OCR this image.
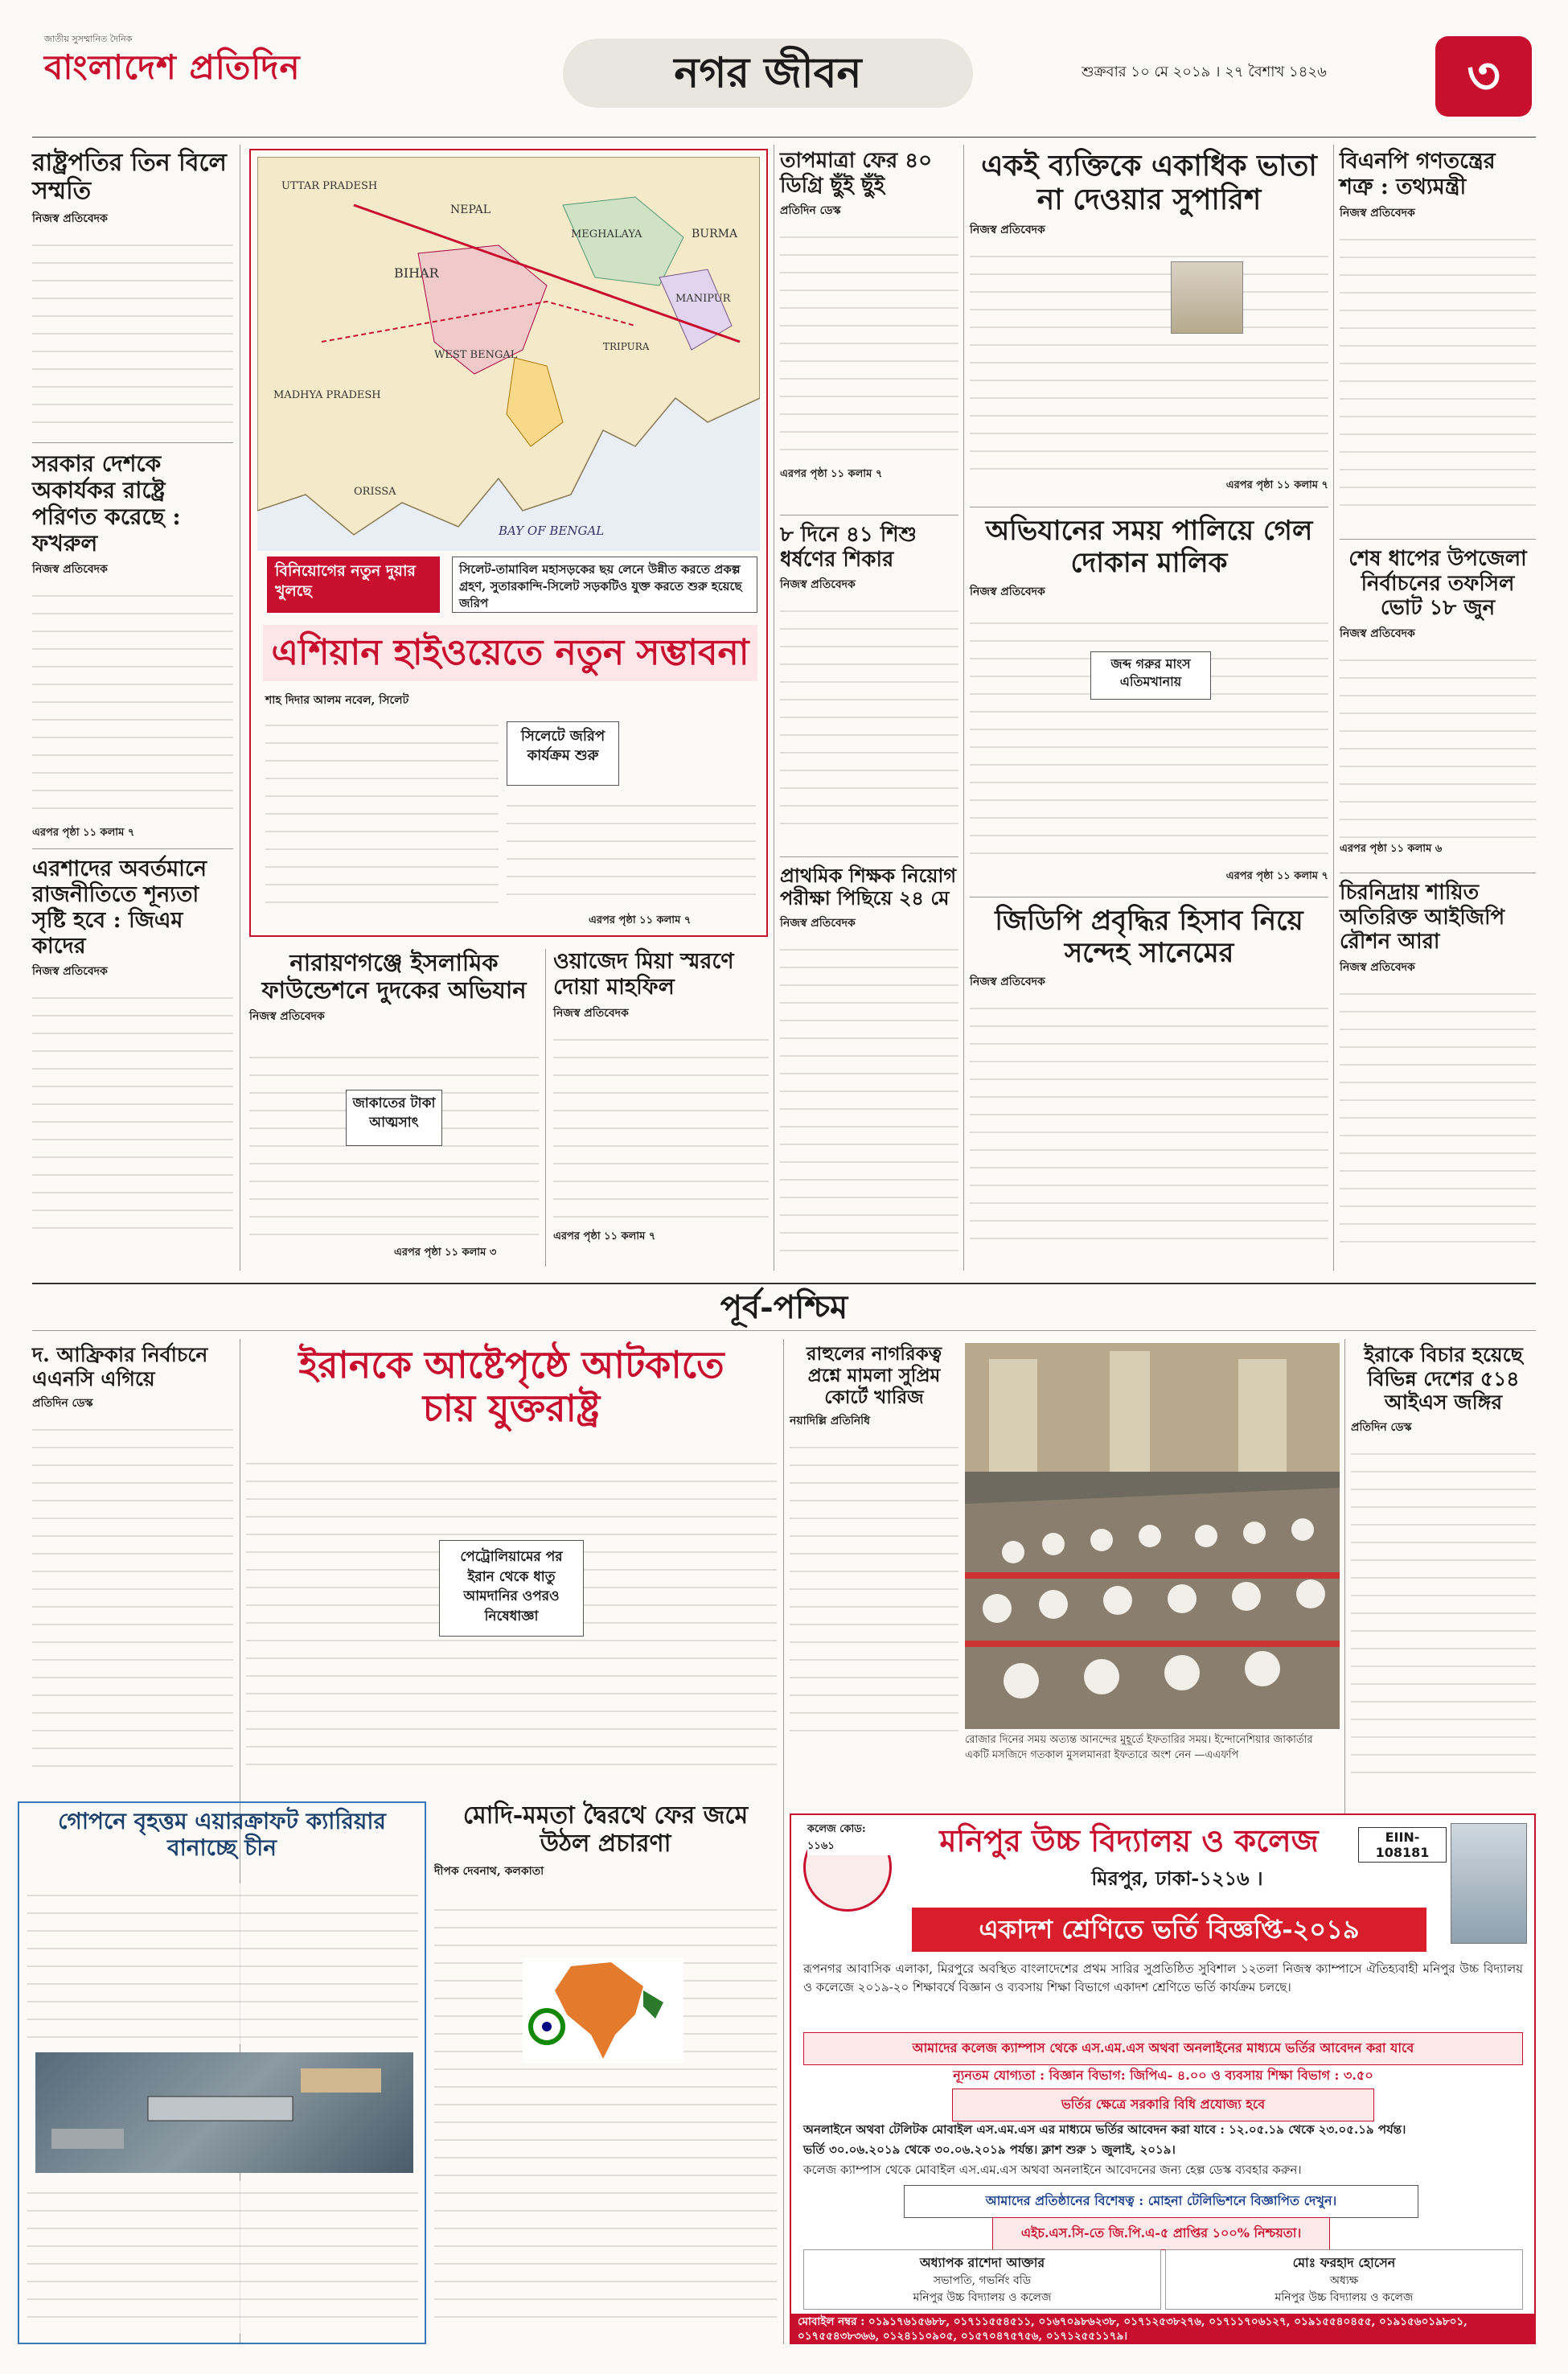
জাতীয় সুসম্মানিত দৈনিক
বাংলাদেশ প্রতিদিন	নগর জীবন	শুক্রবার ১০ মে ২০১৯ । ২৭ বৈশাখ ১৪২৬	৩
রাষ্ট্রপতির তিন বিলে সম্মতি
নিজস্ব প্রতিবেদক
সরকার দেশকে অকার্যকর রাষ্ট্রে পরিণত করেছে : ফখরুল
নিজস্ব প্রতিবেদক
এরপর পৃষ্ঠা ১১ কলাম ৭
এরশাদের অবর্তমানে রাজনীতিতে শূন্যতা সৃষ্টি হবে : জিএম কাদের
নিজস্ব প্রতিবেদক
UTTAR PRADESH
BIHAR
NEPAL
MEGHALAYA
MANIPUR
TRIPURA
WEST BENGAL
MADHYA PRADESH
ORISSA
BAY OF BENGAL
BURMA
বিনিয়োগের নতুন দুয়ার খুলছে
সিলেট-তামাবিল মহাসড়কের ছয় লেনে উন্নীত করতে প্রকল্প গ্রহণ, সুতারকান্দি-সিলেট সড়কটিও যুক্ত করতে শুরু হয়েছে জরিপ
এশিয়ান হাইওয়েতে নতুন সম্ভাবনা
শাহ দিদার আলম নবেল, সিলেট
সিলেটে জরিপ কার্যক্রম শুরু
এরপর পৃষ্ঠা ১১ কলাম ৭
নারায়ণগঞ্জে ইসলামিক ফাউন্ডেশনে দুদকের অভিযান
নিজস্ব প্রতিবেদক
জাকাতের টাকা আত্মসাৎ
এরপর পৃষ্ঠা ১১ কলাম ৩
ওয়াজেদ মিয়া স্মরণে দোয়া মাহফিল
নিজস্ব প্রতিবেদক
এরপর পৃষ্ঠা ১১ কলাম ৭
তাপমাত্রা ফের ৪০ ডিগ্রি ছুঁই ছুঁই
প্রতিদিন ডেস্ক
এরপর পৃষ্ঠা ১১ কলাম ৭
৮ দিনে ৪১ শিশু ধর্ষণের শিকার
নিজস্ব প্রতিবেদক
প্রাথমিক শিক্ষক নিয়োগ পরীক্ষা পিছিয়ে ২৪ মে
নিজস্ব প্রতিবেদক
একই ব্যক্তিকে একাধিক ভাতা না দেওয়ার সুপারিশ
নিজস্ব প্রতিবেদক
এরপর পৃষ্ঠা ১১ কলাম ৭
অভিযানের সময় পালিয়ে গেল দোকান মালিক
নিজস্ব প্রতিবেদক
জব্দ গরুর মাংস এতিমখানায়
এরপর পৃষ্ঠা ১১ কলাম ৭
জিডিপি প্রবৃদ্ধির হিসাব নিয়ে সন্দেহ সানেমের
নিজস্ব প্রতিবেদক
বিএনপি গণতন্ত্রের শত্রু : তথ্যমন্ত্রী
নিজস্ব প্রতিবেদক
শেষ ধাপের উপজেলা নির্বাচনের তফসিল ভোট ১৮ জুন
নিজস্ব প্রতিবেদক
এরপর পৃষ্ঠা ১১ কলাম ৬
চিরনিদ্রায় শায়িত অতিরিক্ত আইজিপি রৌশন আরা
নিজস্ব প্রতিবেদক
পূর্ব-পশ্চিম
দ. আফ্রিকার নির্বাচনে এএনসি এগিয়ে
প্রতিদিন ডেস্ক
ইরানকে আষ্টেপৃষ্ঠে আটকাতে চায় যুক্তরাষ্ট্র
পেট্রোলিয়ামের পর ইরান থেকে ধাতু আমদানির ওপরও নিষেধাজ্ঞা
রাহুলের নাগরিকত্ব প্রশ্নে মামলা সুপ্রিম কোর্টে খারিজ
নয়াদিল্লি প্রতিনিধি
রোজার দিনের সময় অত্যন্ত আনন্দের মুহূর্তে ইফতারির সময়। ইন্দোনেশিয়ার জাকার্তার একটি মসজিদে গতকাল মুসলমানরা ইফতারে অংশ নেন —এএফপি
ইরাকে বিচার হয়েছে বিভিন্ন দেশের ৫১৪ আইএস জঙ্গির
প্রতিদিন ডেস্ক
গোপনে বৃহত্তম এয়ারক্রাফট ক্যারিয়ার বানাচ্ছে চীন
মোদি-মমতা দ্বৈরথে ফের জমে উঠল প্রচারণা
দীপক দেবনাথ, কলকাতা
কলেজ কোড: ১১৬১	মনিপুর উচ্চ বিদ্যালয় ও কলেজ	EIIN-108181
মিরপুর, ঢাকা-১২১৬ ।
একাদশ শ্রেণিতে ভর্তি বিজ্ঞপ্তি-২০১৯
রূপনগর আবাসিক এলাকা, মিরপুরে অবস্থিত বাংলাদেশের প্রথম সারির সুপ্রতিষ্ঠিত সুবিশাল ১২তলা নিজস্ব ক্যাম্পাসে ঐতিহ্যবাহী মনিপুর উচ্চ বিদ্যালয় ও কলেজে ২০১৯-২০ শিক্ষাবর্ষে বিজ্ঞান ও ব্যবসায় শিক্ষা বিভাগে একাদশ শ্রেণিতে ভর্তি কার্যক্রম চলছে।
আমাদের কলেজ ক্যাম্পাস থেকে এস.এম.এস অথবা অনলাইনের মাধ্যমে ভর্তির আবেদন করা যাবে
ন্যূনতম যোগ্যতা : বিজ্ঞান বিভাগ: জিপিএ- ৪.০০ ও ব্যবসায় শিক্ষা বিভাগ : ৩.৫০
ভর্তির ক্ষেত্রে সরকারি বিধি প্রযোজ্য হবে
অনলাইনে অথবা টেলিটক মোবাইল এস.এম.এস এর মাধ্যমে ভর্তির আবেদন করা যাবে : ১২.০৫.১৯ থেকে ২৩.০৫.১৯ পর্যন্ত।
ভর্তি ৩০.০৬.২০১৯ থেকে ৩০.০৬.২০১৯ পর্যন্ত। ক্লাশ শুরু ১ জুলাই, ২০১৯।
কলেজ ক্যাম্পাস থেকে মোবাইল এস.এম.এস অথবা অনলাইনে আবেদনের জন্য হেল্প ডেস্ক ব্যবহার করুন।
আমাদের প্রতিষ্ঠানের বিশেষত্ব : মোহনা টেলিভিশনে বিজ্ঞাপিত দেখুন।
এইচ.এস.সি-তে জি.পি.এ-৫ প্রাপ্তির ১০০% নিশ্চয়তা।
অধ্যাপক রাশেদা আক্তার
সভাপতি, গভর্নিং বডি
মনিপুর উচ্চ বিদ্যালয় ও কলেজ
মোঃ ফরহাদ হোসেন
অধ্যক্ষ
মনিপুর উচ্চ বিদ্যালয় ও কলেজ
মোবাইল নম্বর : ০১৯১৭৬১৫৬৮৮, ০১৭১১৫৫৪৫১১, ০১৬৭০৯৮৬২৩৮, ০১৭১২৫৩৮২৭৬, ০১৭১১৭০৬১২৭, ০১৯১৫৫৪০৪৫৫, ০১৯১৫৬০১৯৮০১, ০১৭৫৫৪৩৮৩৬৬, ০১২৪১১০৯০৫, ০১৫৭০৪৭৫৭৫৬, ০১৭১২৫৫১১৭৯।
